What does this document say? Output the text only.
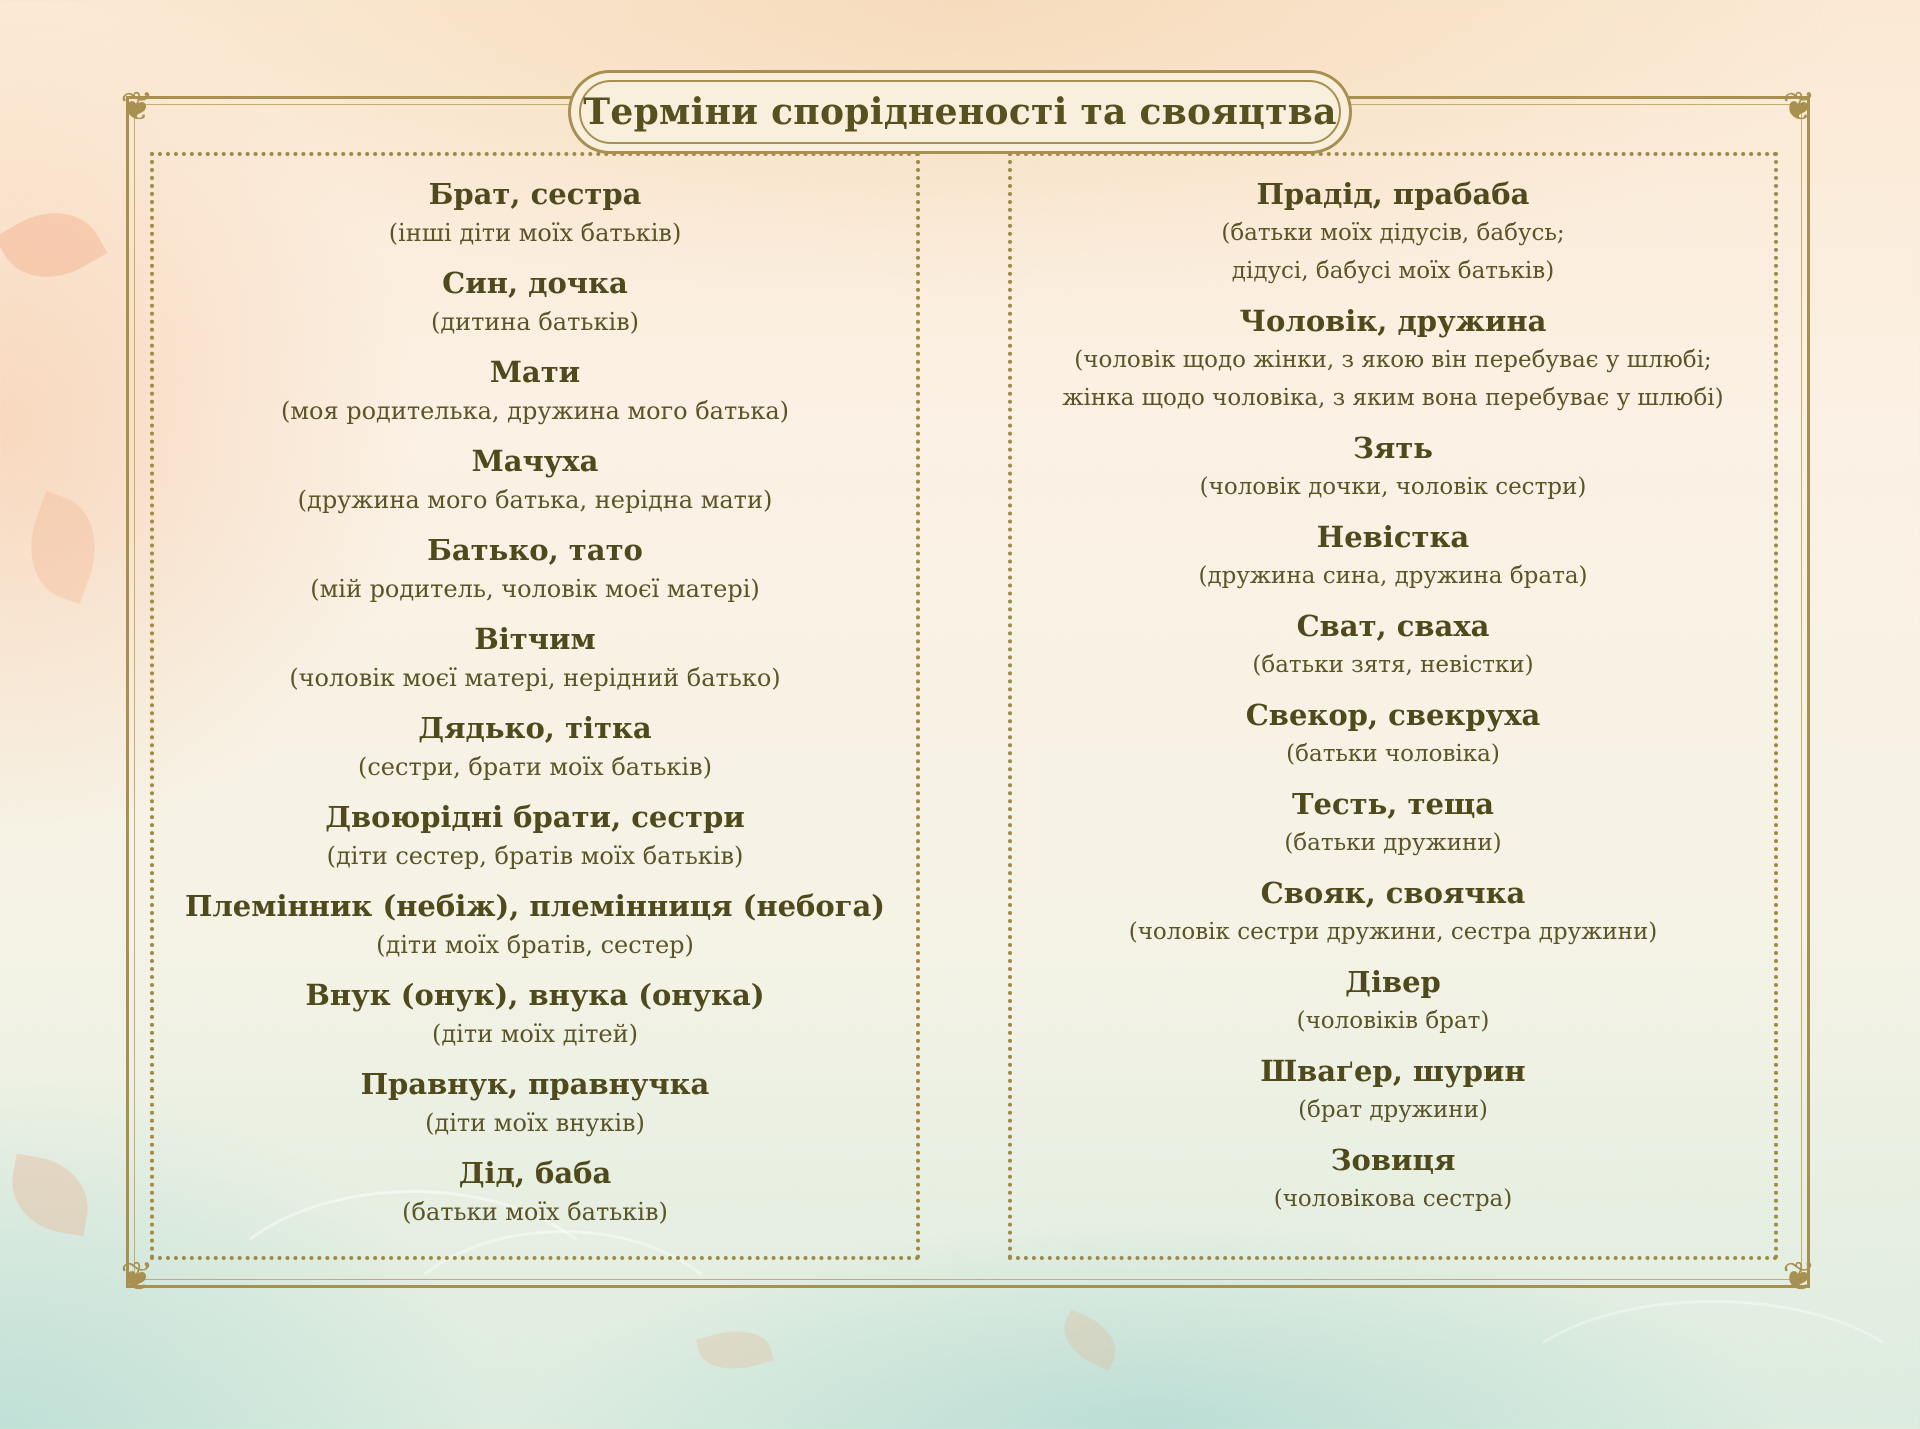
❦	❦
❦	❦
Терміни спорідненості та свояцтва
Брат, сестра
(інші діти моїх батьків)
Син, дочка
(дитина батьків)
Мати
(моя родителька, дружина мого батька)
Мачуха
(дружина мого батька, нерідна мати)
Батько, тато
(мій родитель, чоловік моєї матері)
Вітчим
(чоловік моєї матері, нерідний батько)
Дядько, тітка
(сестри, брати моїх батьків)
Двоюрідні брати, сестри
(діти сестер, братів моїх батьків)
Племінник (небіж), племінниця (небога)
(діти моїх братів, сестер)
Внук (онук), внука (онука)
(діти моїх дітей)
Правнук, правнучка
(діти моїх внуків)
Дід, баба
(батьки моїх батьків)
Прадід, прабаба
(батьки моїх дідусів, бабусь;
дідусі, бабусі моїх батьків)
Чоловік, дружина
(чоловік щодо жінки, з якою він перебуває у шлюбі;
жінка щодо чоловіка, з яким вона перебуває у шлюбі)
Зять
(чоловік дочки, чоловік сестри)
Невістка
(дружина сина, дружина брата)
Сват, сваха
(батьки зятя, невістки)
Свекор, свекруха
(батьки чоловіка)
Тесть, теща
(батьки дружини)
Свояк, своячка
(чоловік сестри дружини, сестра дружини)
Дівер
(чоловіків брат)
Шваґер, шурин
(брат дружини)
Зовиця
(чоловікова сестра)
